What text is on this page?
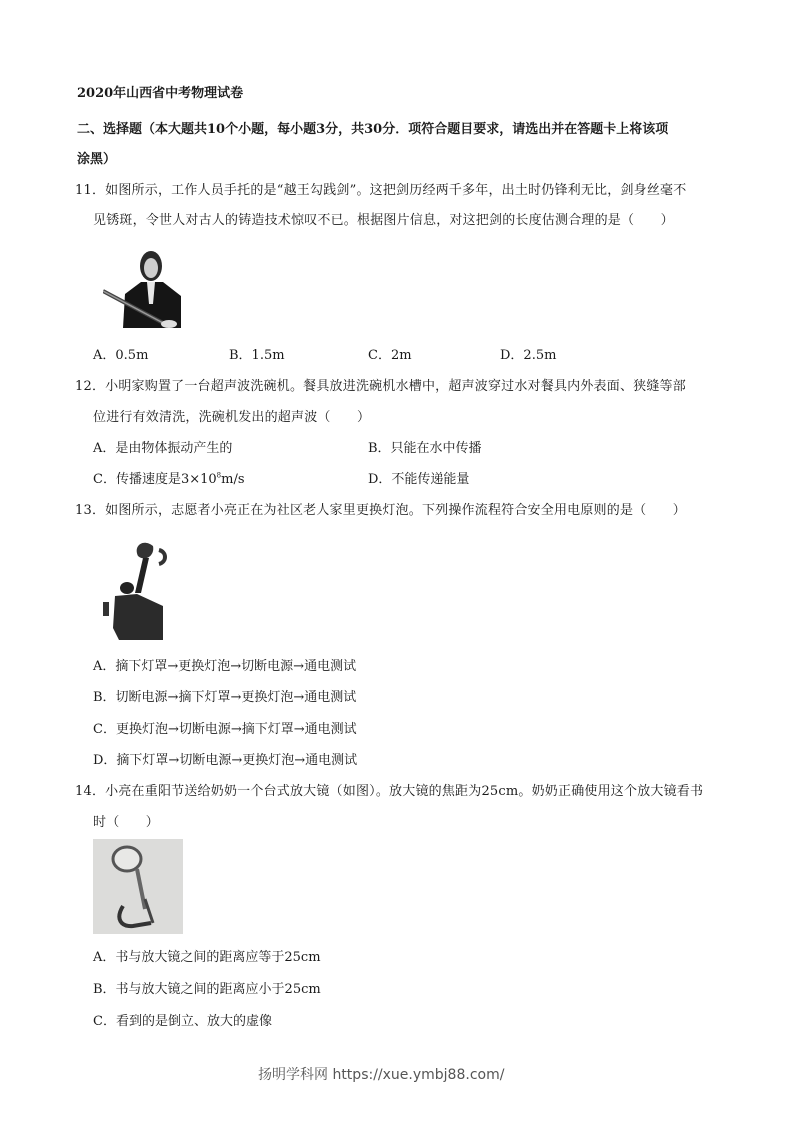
2020年山西省中考物理试卷
二、选择题（本大题共10个小题，每小题3分，共30分．项符合题目要求，请选出并在答题卡上将该项
涂黑）
11．如图所示，工作人员手托的是“越王勾践剑”。这把剑历经两千多年，出土时仍锋利无比，剑身丝毫不
见锈斑，令世人对古人的铸造技术惊叹不已。根据图片信息，对这把剑的长度估测合理的是（　　）
A．0.5m	B．1.5m	C．2m	D．2.5m
12．小明家购置了一台超声波洗碗机。餐具放进洗碗机水槽中，超声波穿过水对餐具内外表面、狭缝等部
位进行有效清洗，洗碗机发出的超声波（　　）
A．是由物体振动产生的	B．只能在水中传播
C．传播速度是$3\times 10^8m/s$	D．不能传递能量
13．如图所示，志愿者小亮正在为社区老人家里更换灯泡。下列操作流程符合安全用电原则的是（　　）
A．摘下灯罩→更换灯泡→切断电源→通电测试
B．切断电源→摘下灯罩→更换灯泡→通电测试
C．更换灯泡→切断电源→摘下灯罩→通电测试
D．摘下灯罩→切断电源→更换灯泡→通电测试
14．小亮在重阳节送给奶奶一个台式放大镜（如图）。放大镜的焦距为25cm。奶奶正确使用这个放大镜看书
时（　　）
A．书与放大镜之间的距离应等于25cm
B．书与放大镜之间的距离应小于25cm
C．看到的是倒立、放大的虚像
扬明学科网 https://xue.ymbj88.com/
